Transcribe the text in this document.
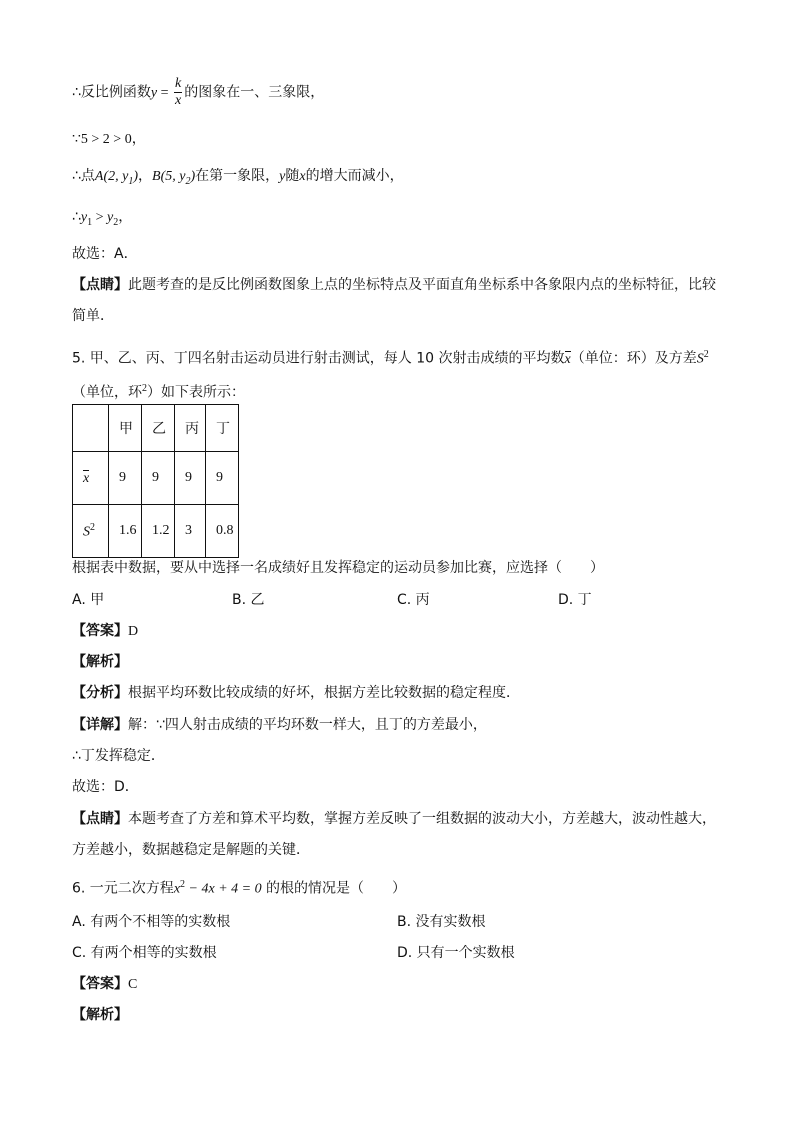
∴反比例函数$y = \frac{k}{x}$ 的图象在一、三象限，
∵5 > 2 > 0，
∴点A(2, $y_1$)，B(5, $y_2$)在第一象限，y随x的增大而减小，
$\therefore y_1 > y_2$，
故选：A．
【点睛】此题考查的是反比例函数图象上点的坐标特点及平面直角坐标系中各象限内点的坐标特征，比较
简单．
5. 甲、乙、丙、丁四名射击运动员进行射击测试，每人 10 次射击成绩的平均数x（单位：环）及方差$S^2$
（单位，环$^2$）如下表所示：
	甲	乙	丙	丁
x	9	9	9	9
$S^2$	1.6	1.2	3	0.8
根据表中数据，要从中选择一名成绩好且发挥稳定的运动员参加比赛，应选择（　　）
A. 甲	B. 乙	C. 丙	D. 丁
【答案】D
【解析】
【分析】根据平均环数比较成绩的好坏，根据方差比较数据的稳定程度．
【详解】解：∵四人射击成绩的平均环数一样大，且丁的方差最小，
∴丁发挥稳定．
故选：D．
【点睛】本题考查了方差和算术平均数，掌握方差反映了一组数据的波动大小，方差越大，波动性越大，
方差越小，数据越稳定是解题的关键．
6. 一元二次方程$x^2 - 4x + 4 = 0$ 的根的情况是（　　）
A. 有两个不相等的实数根	B. 没有实数根
C. 有两个相等的实数根	D. 只有一个实数根
【答案】C
【解析】
